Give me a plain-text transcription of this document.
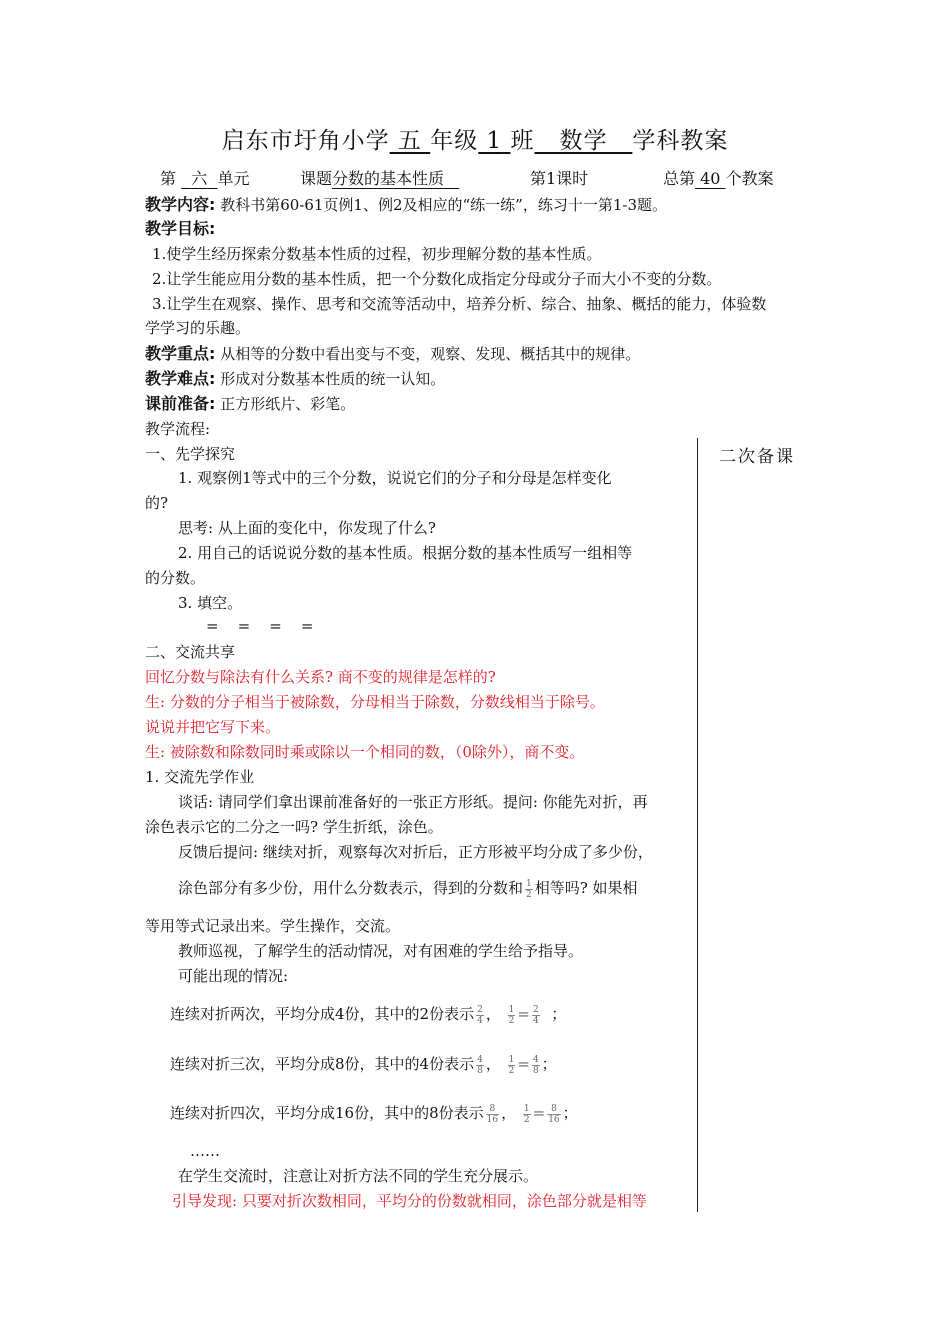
启东市圩角小学 五 年级 1 班 数学 学科教案
第 六 单元	课题分数的基本性质	第1课时	总第 40 个教案
教学内容: 教科书第60-61页例1、例2及相应的“练一练”，练习十一第1-3题。
教学目标:
1.使学生经历探索分数基本性质的过程，初步理解分数的基本性质。
2.让学生能应用分数的基本性质，把一个分数化成指定分母或分子而大小不变的分数。
3.让学生在观察、操作、思考和交流等活动中，培养分析、综合、抽象、概括的能力，体验数
学学习的乐趣。
教学重点: 从相等的分数中看出变与不变，观察、发现、概括其中的规律。
教学难点: 形成对分数基本性质的统一认知。
课前准备: 正方形纸片、彩笔。
教学流程:
二次备课
一、先学探究
1. 观察例1等式中的三个分数，说说它们的分子和分母是怎样变化
的?
思考: 从上面的变化中，你发现了什么?
2. 用自己的话说说分数的基本性质。根据分数的基本性质写一组相等
的分数。
3. 填空。
=    =    =    =
二、交流共享
回忆分数与除法有什么关系? 商不变的规律是怎样的?
生: 分数的分子相当于被除数，分母相当于除数，分数线相当于除号。
说说并把它写下来。
生: 被除数和除数同时乘或除以一个相同的数，（0除外），商不变。
1. 交流先学作业
谈话: 请同学们拿出课前准备好的一张正方形纸。提问: 你能先对折，再
涂色表示它的二分之一吗? 学生折纸，涂色。
反馈后提问: 继续对折，观察每次对折后，正方形被平均分成了多少份，
涂色部分有多少份，用什么分数表示，得到的分数和 $\frac{1}{2}$ 相等吗? 如果相
等用等式记录出来。学生操作，交流。
教师巡视，了解学生的活动情况，对有困难的学生给予指导。
可能出现的情况:
连续对折两次，平均分成4份，其中的2份表示 $\frac{2}{4}$ ， $\frac{1}{2} = \frac{2}{4}$ ；
连续对折三次，平均分成8份，其中的4份表示 $\frac{4}{8}$ ， $\frac{1}{2} = \frac{4}{8}$ ；
连续对折四次，平均分成16份，其中的8份表示 $\frac{8}{16}$ ， $\frac{1}{2} = \frac{8}{16}$ ；
……
在学生交流时，注意让对折方法不同的学生充分展示。
引导发现: 只要对折次数相同，平均分的份数就相同，涂色部分就是相等
